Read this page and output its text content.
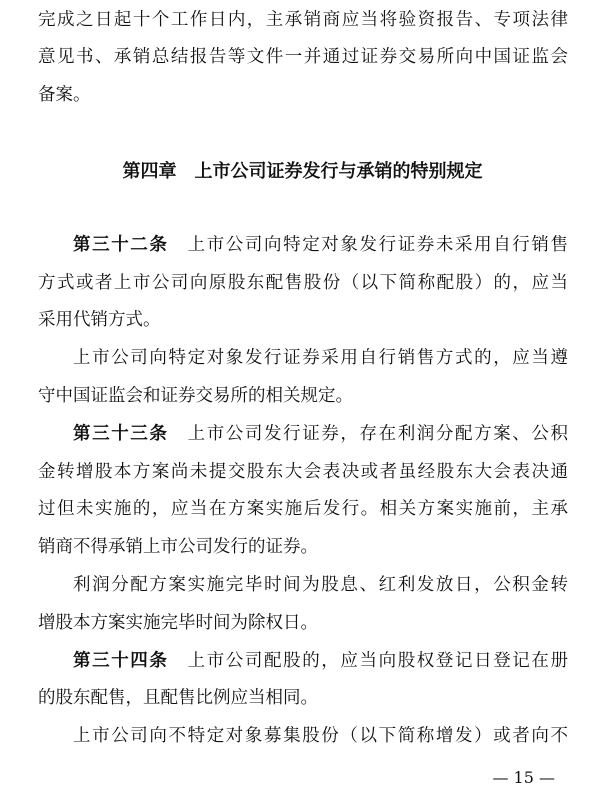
完成之日起十个工作日内，主承销商应当将验资报告、专项法律
意见书、承销总结报告等文件一并通过证券交易所向中国证监会
备案。
第四章　上市公司证券发行与承销的特别规定
第三十二条　 上市公司向特定对象发行证券未采用自行销售
方式或者上市公司向原股东配售股份（以下简称配股）的，应当
采用代销方式。
上市公司向特定对象发行证券采用自行销售方式的，应当遵
守中国证监会和证券交易所的相关规定。
第三十三条　 上市公司发行证券，存在利润分配方案、公积
金转增股本方案尚未提交股东大会表决或者虽经股东大会表决通
过但未实施的，应当在方案实施后发行。相关方案实施前，主承
销商不得承销上市公司发行的证券。
利润分配方案实施完毕时间为股息、红利发放日，公积金转
增股本方案实施完毕时间为除权日。
第三十四条　 上市公司配股的，应当向股权登记日登记在册
的股东配售，且配售比例应当相同。
上市公司向不特定对象募集股份（以下简称增发）或者向不
— 15 —
